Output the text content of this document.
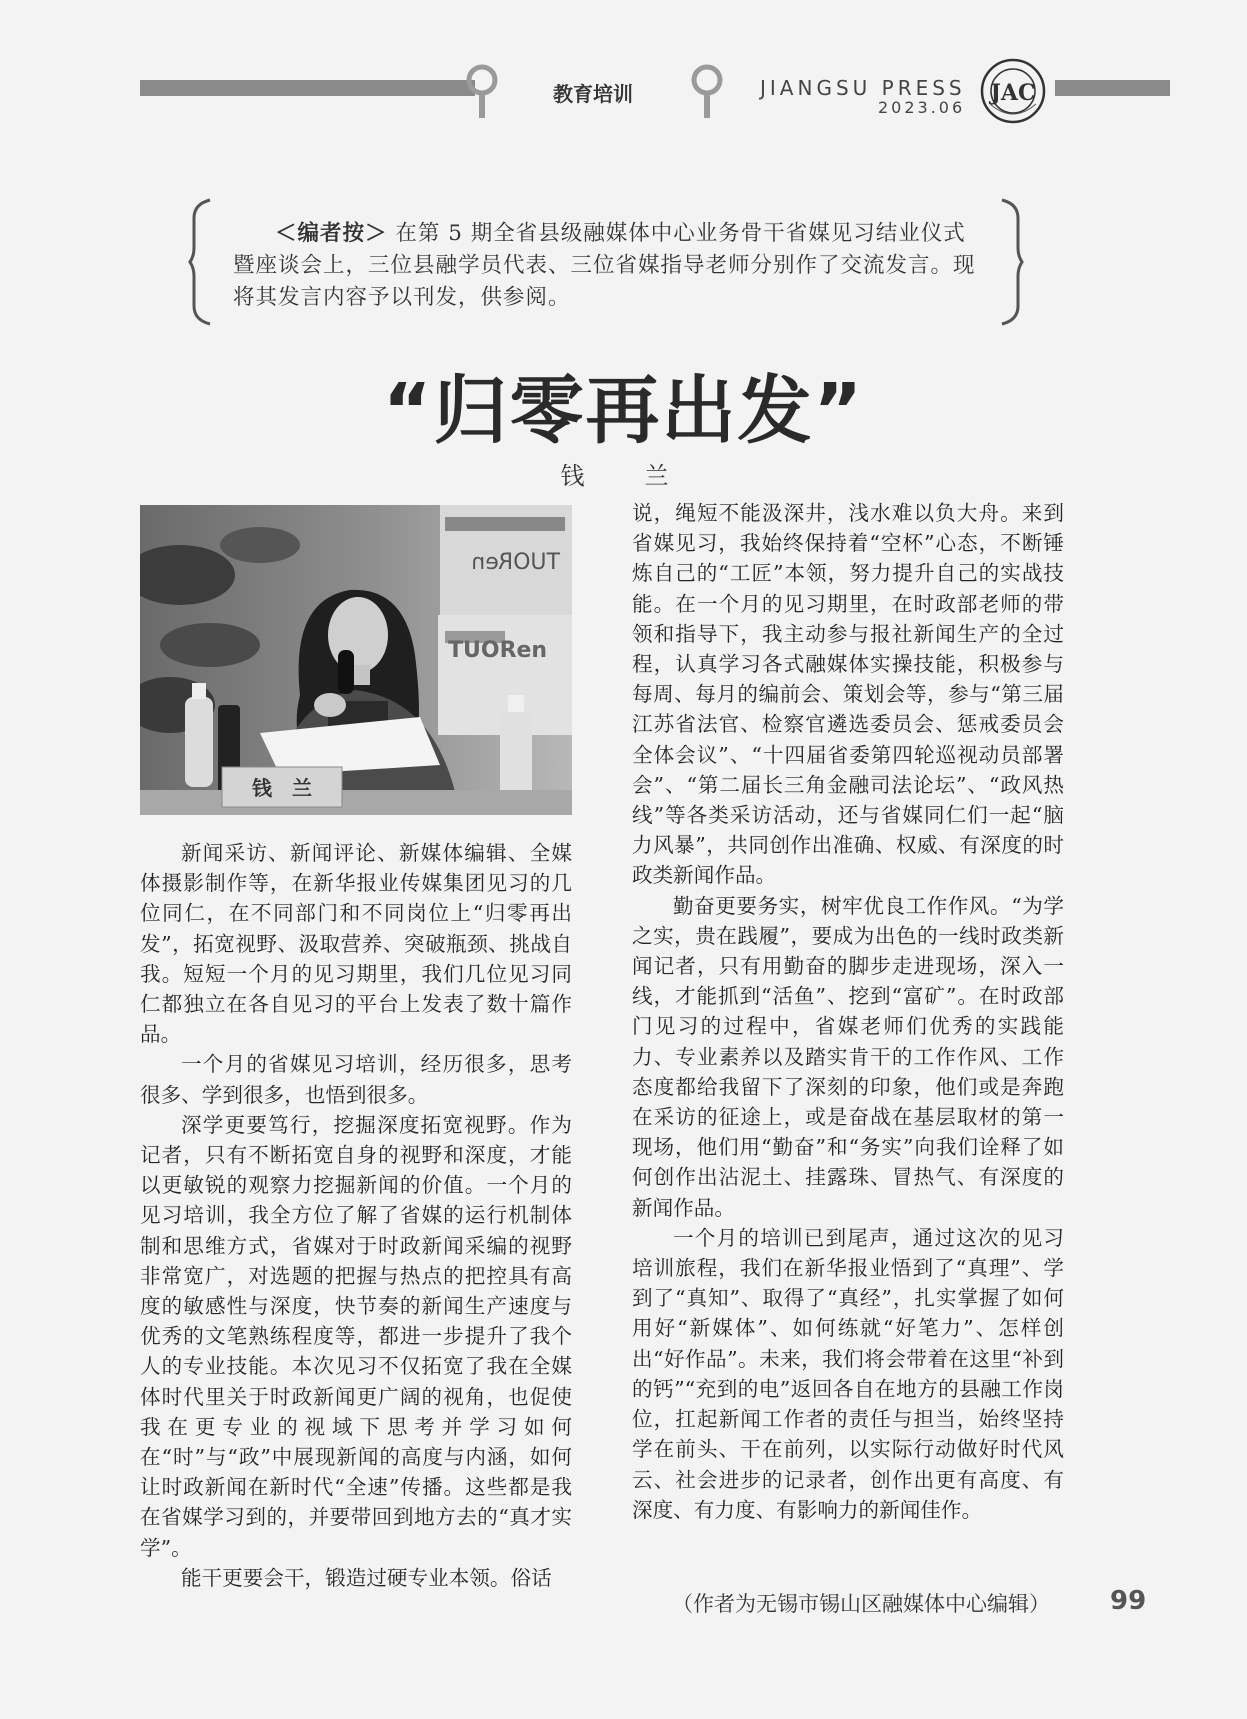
教育培训	JIANGSU PRESS
2023.06
JAC
＜编者按＞ 在第 5 期全省县级融媒体中心业务骨干省媒见习结业仪式暨座谈会上，三位县融学员代表、三位省媒指导老师分别作了交流发言。现将其发言内容予以刊发，供参阅。
“归零再出发”
钱　兰
TUORen
TUORen
钱　兰

新闻采访、新闻评论、新媒体编辑、全媒体摄影制作等，在新华报业传媒集团见习的几位同仁，在不同部门和不同岗位上“归零再出发”，拓宽视野、汲取营养、突破瓶颈、挑战自我。短短一个月的见习期里，我们几位见习同仁都独立在各自见习的平台上发表了数十篇作品。

一个月的省媒见习培训，经历很多，思考很多、学到很多，也悟到很多。

深学更要笃行，挖掘深度拓宽视野。作为记者，只有不断拓宽自身的视野和深度，才能以更敏锐的观察力挖掘新闻的价值。一个月的见习培训，我全方位了解了省媒的运行机制体制和思维方式，省媒对于时政新闻采编的视野非常宽广，对选题的把握与热点的把控具有高度的敏感性与深度，快节奏的新闻生产速度与优秀的文笔熟练程度等，都进一步提升了我个人的专业技能。本次见习不仅拓宽了我在全媒体时代里关于时政新闻更广阔的视角，也促使我在更专业的视域下思考并学习如何在“时”与“政”中展现新闻的高度与内涵，如何让时政新闻在新时代“全速”传播。这些都是我在省媒学习到的，并要带回到地方去的“真才实学”。

能干更要会干，锻造过硬专业本领。俗话

说，绳短不能汲深井，浅水难以负大舟。来到省媒见习，我始终保持着“空杯”心态，不断锤炼自己的“工匠”本领，努力提升自己的实战技能。在一个月的见习期里，在时政部老师的带领和指导下，我主动参与报社新闻生产的全过程，认真学习各式融媒体实操技能，积极参与每周、每月的编前会、策划会等，参与“第三届江苏省法官、检察官遴选委员会、惩戒委员会全体会议”、“十四届省委第四轮巡视动员部署会”、“第二届长三角金融司法论坛”、“政风热线”等各类采访活动，还与省媒同仁们一起“脑力风暴”，共同创作出准确、权威、有深度的时政类新闻作品。

勤奋更要务实，树牢优良工作作风。“为学之实，贵在践履”，要成为出色的一线时政类新闻记者，只有用勤奋的脚步走进现场，深入一线，才能抓到“活鱼”、挖到“富矿”。在时政部门见习的过程中，省媒老师们优秀的实践能力、专业素养以及踏实肯干的工作作风、工作态度都给我留下了深刻的印象，他们或是奔跑在采访的征途上，或是奋战在基层取材的第一现场，他们用“勤奋”和“务实”向我们诠释了如何创作出沾泥土、挂露珠、冒热气、有深度的新闻作品。

一个月的培训已到尾声，通过这次的见习培训旅程，我们在新华报业悟到了“真理”、学到了“真知”、取得了“真经”，扎实掌握了如何用好“新媒体”、如何练就“好笔力”、怎样创出“好作品”。未来，我们将会带着在这里“补到的钙”“充到的电”返回各自在地方的县融工作岗位，扛起新闻工作者的责任与担当，始终坚持学在前头、干在前列，以实际行动做好时代风云、社会进步的记录者，创作出更有高度、有深度、有力度、有影响力的新闻佳作。

（作者为无锡市锡山区融媒体中心编辑） 99
